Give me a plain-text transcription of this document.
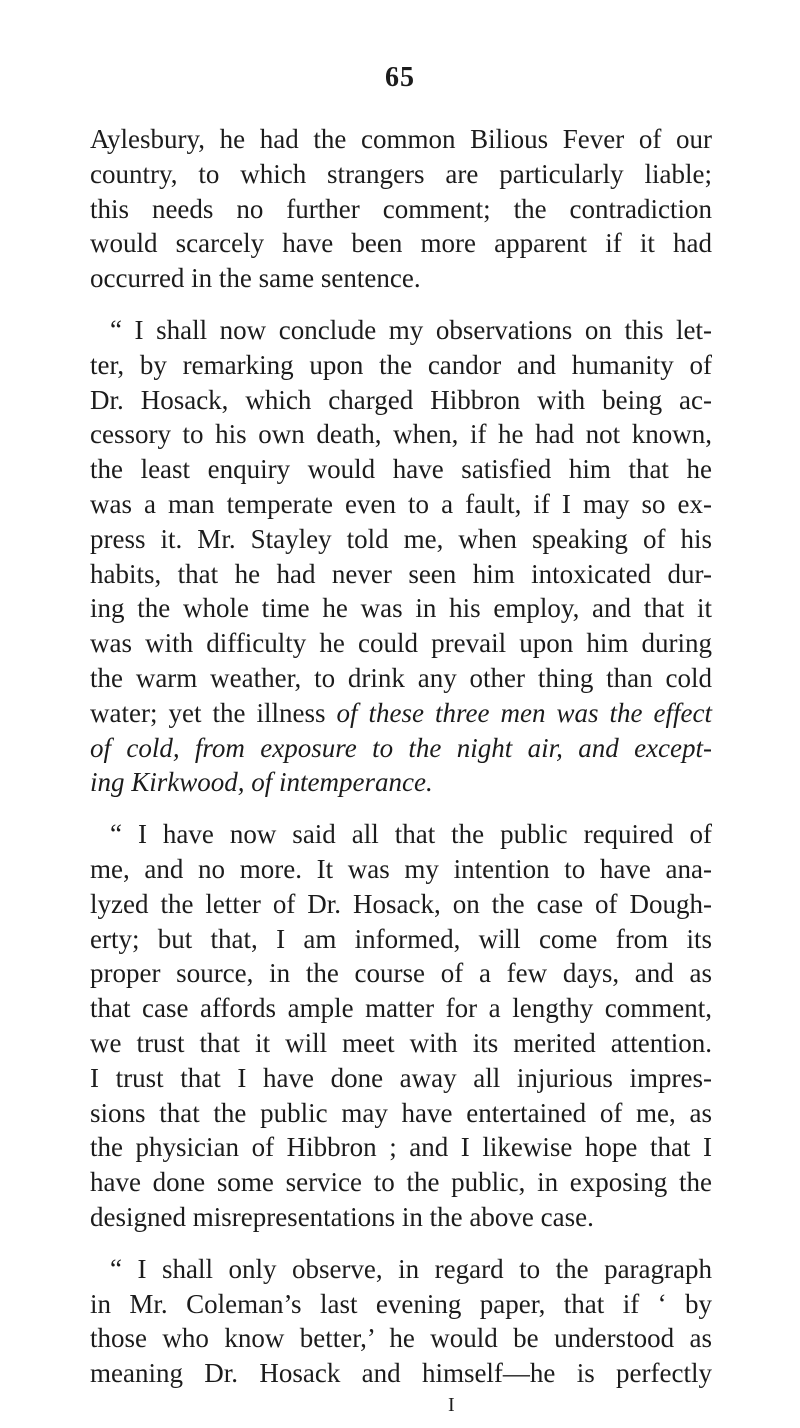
65

Aylesbury, he had the common Bilious Fever of our
country, to which strangers are particularly liable;
this needs no further comment; the contradiction
would scarcely have been more apparent if it had
occurred in the same sentence.

“ I shall now conclude my observations on this let-
ter, by remarking upon the candor and humanity of
Dr. Hosack, which charged Hibbron with being ac-
cessory to his own death, when, if he had not known,
the least enquiry would have satisfied him that he
was a man temperate even to a fault, if I may so ex-
press it. Mr. Stayley told me, when speaking of his
habits, that he had never seen him intoxicated dur-
ing the whole time he was in his employ, and that it
was with difficulty he could prevail upon him during
the warm weather, to drink any other thing than cold
water; yet the illness of these three men was the effect
of cold, from exposure to the night air, and except-
ing Kirkwood, of intemperance.

“ I have now said all that the public required of
me, and no more. It was my intention to have ana-
lyzed the letter of Dr. Hosack, on the case of Dough-
erty; but that, I am informed, will come from its
proper source, in the course of a few days, and as
that case affords ample matter for a lengthy comment,
we trust that it will meet with its merited attention.
I trust that I have done away all injurious impres-
sions that the public may have entertained of me, as
the physician of Hibbron ; and I likewise hope that I
have done some service to the public, in exposing the
designed misrepresentations in the above case.

“ I shall only observe, in regard to the paragraph
in Mr. Coleman’s last evening paper, that if ‘ by
those who know better,’ he would be understood as
meaning Dr. Hosack and himself—he is perfectly

I
